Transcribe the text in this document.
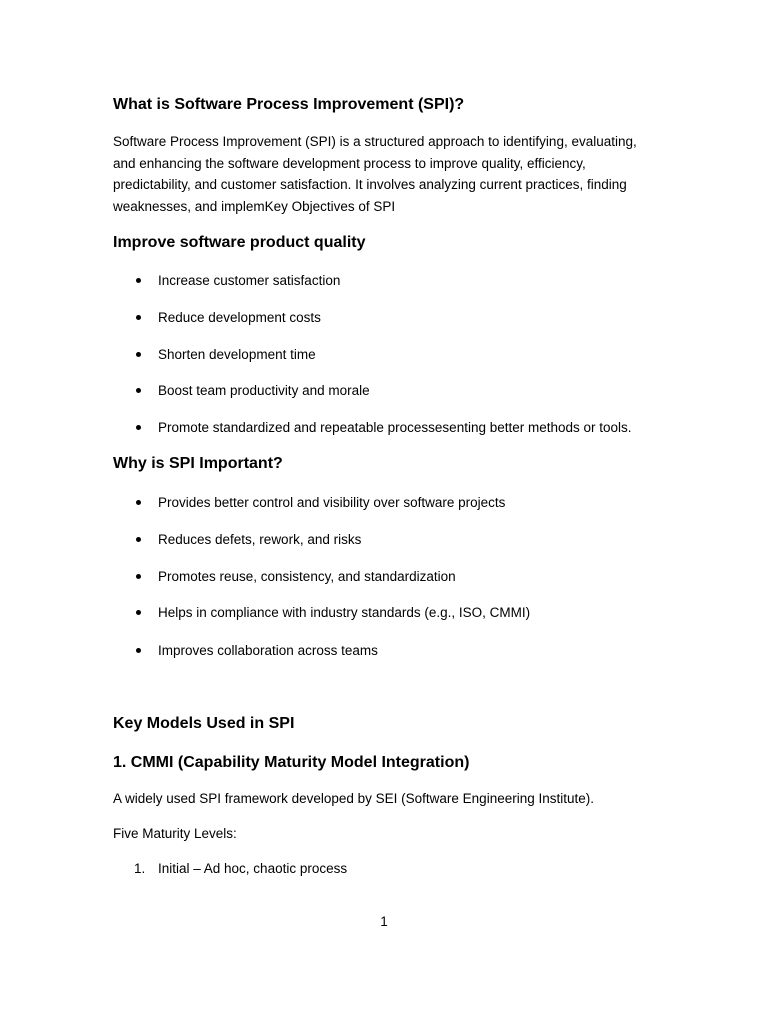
What is Software Process Improvement (SPI)?

Software Process Improvement (SPI) is a structured approach to identifying, evaluating, and enhancing the software development process to improve quality, efficiency, predictability, and customer satisfaction. It involves analyzing current practices, finding weaknesses, and implemKey Objectives of SPI

Improve software product quality
Increase customer satisfaction
Reduce development costs
Shorten development time
Boost team productivity and morale
Promote standardized and repeatable processesenting better methods or tools.
Why is SPI Important?
Provides better control and visibility over software projects
Reduces defets, rework, and risks
Promotes reuse, consistency, and standardization
Helps in compliance with industry standards (e.g., ISO, CMMI)
Improves collaboration across teams
Key Models Used in SPI
1. CMMI (Capability Maturity Model Integration)

A widely used SPI framework developed by SEI (Software Engineering Institute).

Five Maturity Levels:

1. Initial – Ad hoc, chaotic process
1
